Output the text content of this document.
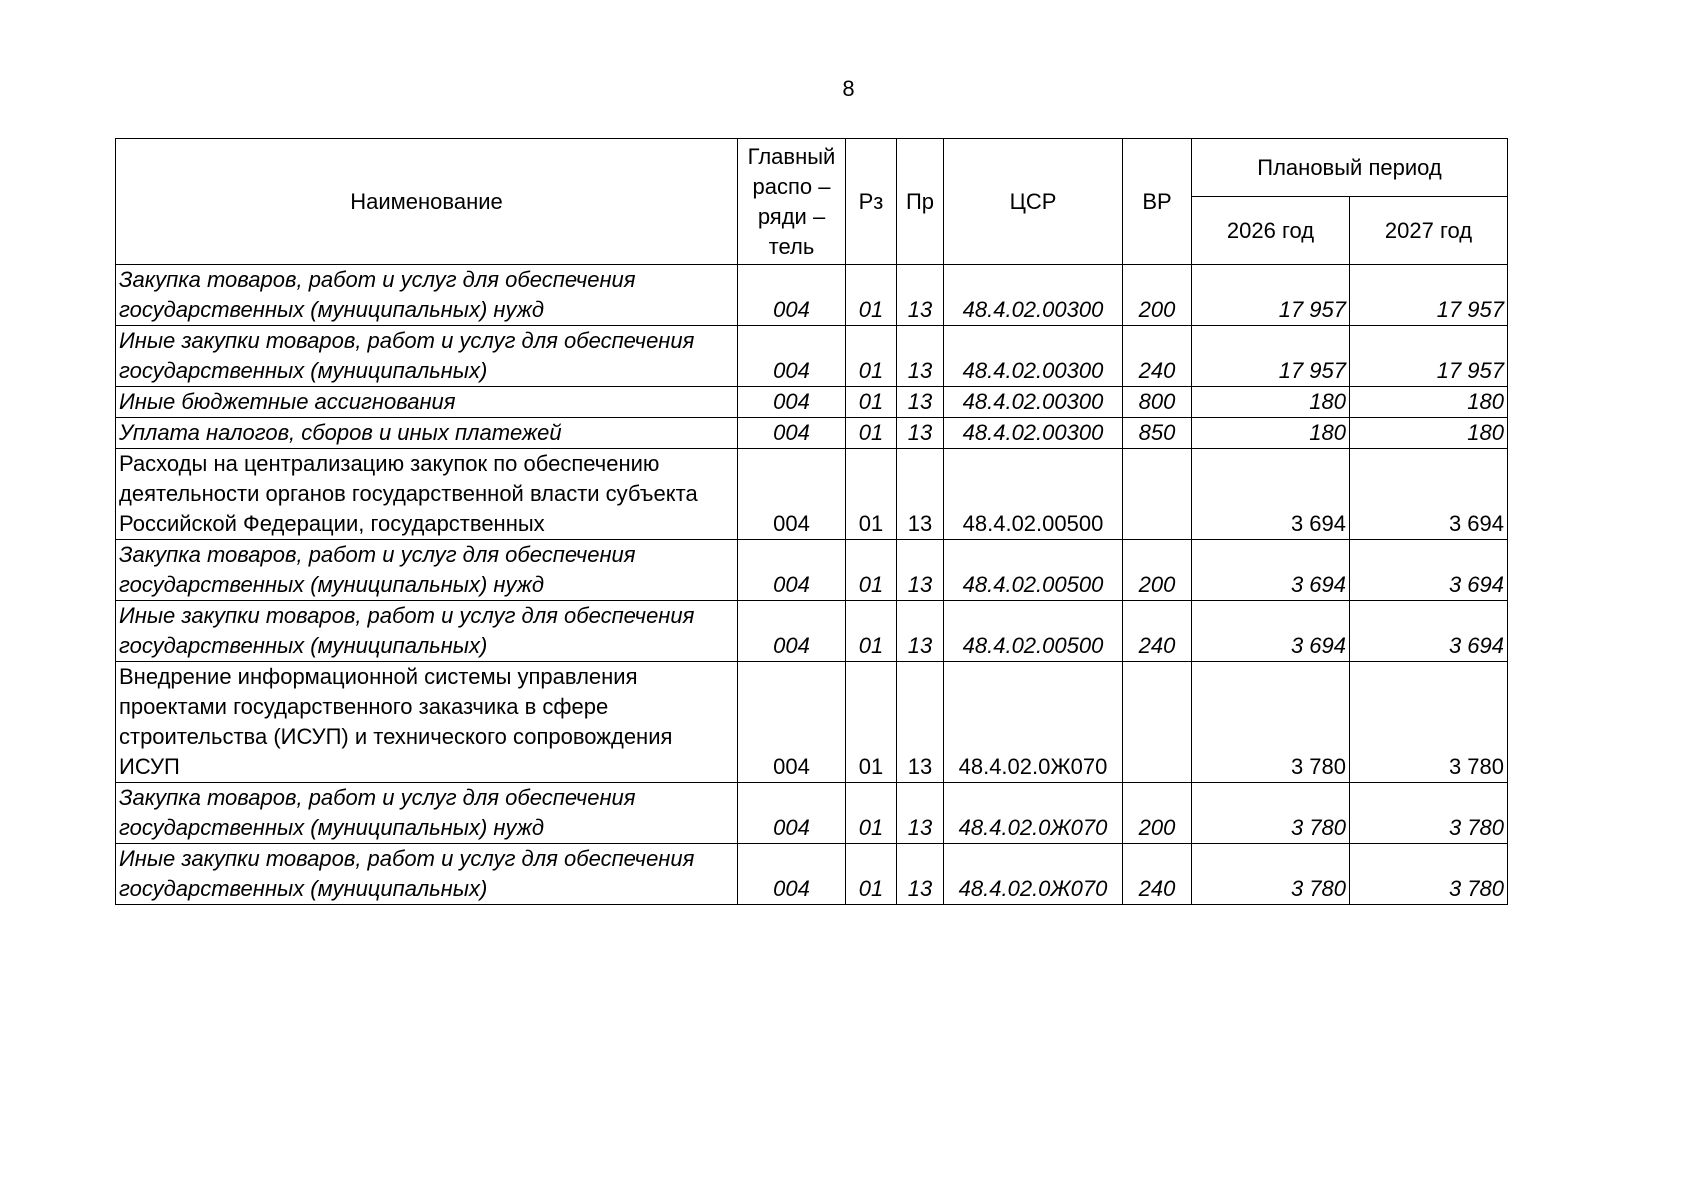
8
Наименование	Главный
распо –
ряди –
тель	Рз	Пр	ЦСР	ВР	Плановый период	
						2026 год	2027 год
Закупка товаров, работ и услуг для обеспечения государственных (муниципальных) нужд	004	01	13	48.4.02.00300	200	17 957	17 957
Иные закупки товаров, работ и услуг для обеспечения государственных (муниципальных)	004	01	13	48.4.02.00300	240	17 957	17 957
Иные бюджетные ассигнования	004	01	13	48.4.02.00300	800	180	180
Уплата налогов, сборов и иных платежей	004	01	13	48.4.02.00300	850	180	180
Расходы на централизацию закупок по обеспечению деятельности органов государственной власти субъекта Российской Федерации, государственных	004	01	13	48.4.02.00500		3 694	3 694
Закупка товаров, работ и услуг для обеспечения государственных (муниципальных) нужд	004	01	13	48.4.02.00500	200	3 694	3 694
Иные закупки товаров, работ и услуг для обеспечения государственных (муниципальных)	004	01	13	48.4.02.00500	240	3 694	3 694
Внедрение информационной системы управления проектами государственного заказчика в сфере строительства (ИСУП) и технического сопровождения ИСУП	004	01	13	48.4.02.0Ж070		3 780	3 780
Закупка товаров, работ и услуг для обеспечения государственных (муниципальных) нужд	004	01	13	48.4.02.0Ж070	200	3 780	3 780
Иные закупки товаров, работ и услуг для обеспечения государственных (муниципальных)	004	01	13	48.4.02.0Ж070	240	3 780	3 780
